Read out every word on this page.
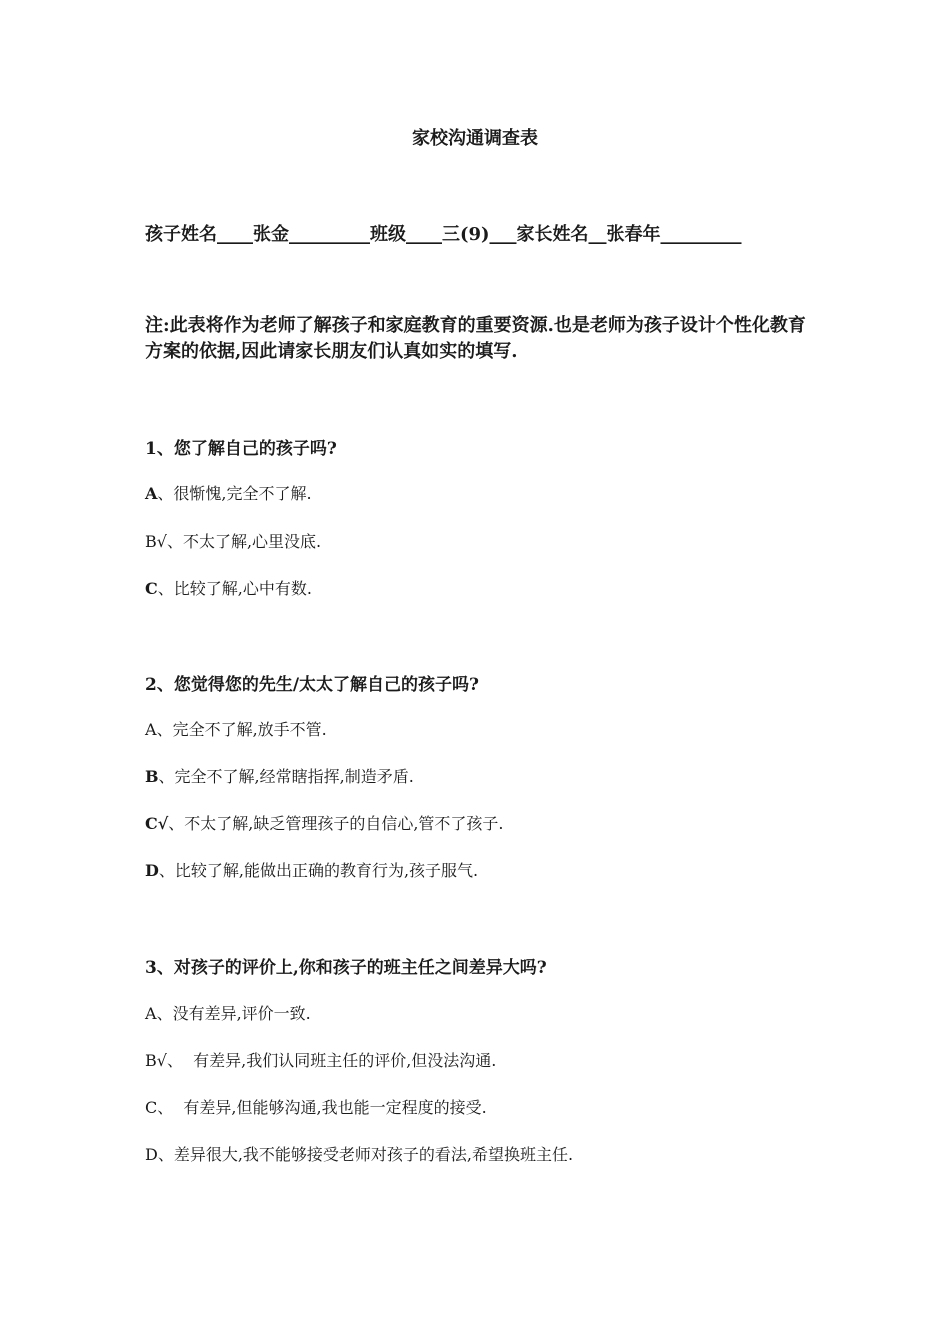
家校沟通调查表
孩子姓名____张金_________班级____三(9)___家长姓名__张春年_________
注:此表将作为老师了解孩子和家庭教育的重要资源.也是老师为孩子设计个性化教育方案的依据,因此请家长朋友们认真如实的填写.
1、您了解自己的孩子吗?
A、很惭愧,完全不了解.
B√、不太了解,心里没底.
C、比较了解,心中有数.
2、您觉得您的先生/太太了解自己的孩子吗?
A、完全不了解,放手不管.
B、完全不了解,经常瞎指挥,制造矛盾.
C√、不太了解,缺乏管理孩子的自信心,管不了孩子.
D、比较了解,能做出正确的教育行为,孩子服气.
3、对孩子的评价上,你和孩子的班主任之间差异大吗?
A、没有差异,评价一致.
B√、  有差异,我们认同班主任的评价,但没法沟通.
C、  有差异,但能够沟通,我也能一定程度的接受.
D、差异很大,我不能够接受老师对孩子的看法,希望换班主任.
